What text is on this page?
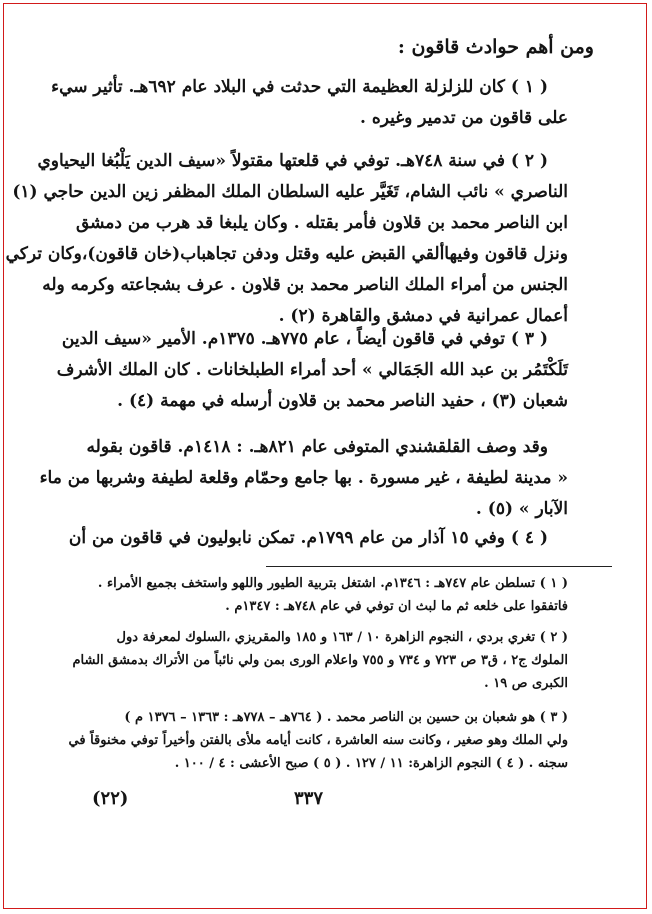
ومن أهم حوادث قاقون :
( ١ ) كان للزلزلة العظيمة التي حدثت في البلاد عام ٦٩٢هـ. تأثير سيء
على قاقون من تدمير وغيره .
( ٢ ) في سنة ٧٤٨هـ. توفي في قلعتها مقتولاً «سيف الدين يَلْبُغا اليحياوي
الناصري » نائب الشام، تَغَيَّر عليه السلطان الملك المظفر زين الدين حاجي (١)
ابن الناصر محمد بن قلاون فأمر بقتله . وكان يلبغا قد هرب من دمشق
ونزل قاقون وفيهاألقي القبض عليه وقتل ودفن تجاهباب(خان قاقون)،وكان تركي
الجنس من أمراء الملك الناصر محمد بن قلاون . عرف بشجاعته وكرمه وله
أعمال عمرانية في دمشق والقاهرة (٢) .
( ٣ ) توفي في قاقون أيضاً ، عام ٧٧٥هـ. ١٣٧٥م. الأمير «سيف الدين
تَلَكْتَمُر بن عبد الله الجَمَالي » أحد أمراء الطبلخانات . كان الملك الأشرف
شعبان (٣) ، حفيد الناصر محمد بن قلاون أرسله في مهمة (٤) .
وقد وصف القلقشندي المتوفى عام ٨٢١هـ. : ١٤١٨م. قاقون بقوله
« مدينة لطيفة ، غير مسورة . بها جامع وحمّام وقلعة لطيفة وشربها من ماء
الآبار » (٥) .
( ٤ ) وفي ١٥ آذار من عام ١٧٩٩م. تمكن نابوليون في قاقون من أن
( ١ ) تسلطن عام ٧٤٧هـ : ١٣٤٦م. اشتغل بتربية الطيور واللهو واستخف بجميع الأمراء .
فاتفقوا على خلعه ثم ما لبث ان توفي في عام ٧٤٨هـ : ١٣٤٧م .
( ٢ ) تغري بردي ، النجوم الزاهرة ١٠ / ١٦٣ و ١٨٥ والمقريزي ،السلوك لمعرفة دول
الملوك ج٢ ، ق٣ ص ٧٢٣ و ٧٣٤ و ٧٥٥ واعلام الورى بمن ولي نائباً من الأتراك بدمشق الشام
الكبرى ص ١٩ .
( ٣ ) هو شعبان بن حسين بن الناصر محمد . ( ٧٦٤هـ – ٧٧٨هـ : ١٣٦٣ – ١٣٧٦ م )
ولي الملك وهو صغير ، وكانت سنه العاشرة ، كانت أيامه ملأى بالفتن وأخيراً توفي مخنوقاً في
سجنه . ( ٤ ) النجوم الزاهرة: ١١ / ١٢٧ . ( ٥ ) صبح الأعشى : ٤ / ١٠٠ .
٣٣٧
(٢٢)
